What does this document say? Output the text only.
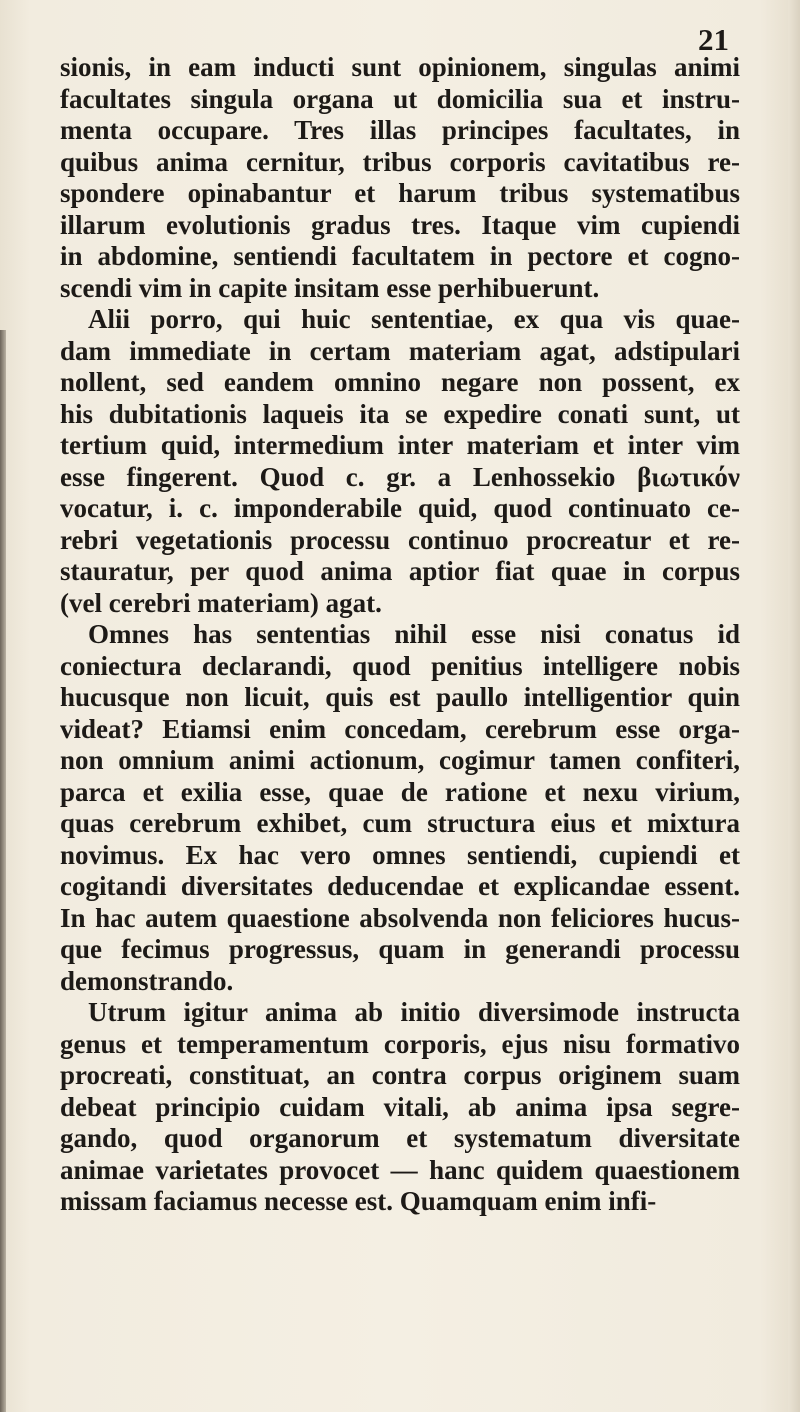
21
sionis, in eam inducti sunt opinionem, singulas animi
facultates singula organa ut domicilia sua et instru-
menta occupare. Tres illas principes facultates, in
quibus anima cernitur, tribus corporis cavitatibus re-
spondere opinabantur et harum tribus systematibus
illarum evolutionis gradus tres. Itaque vim cupiendi
in abdomine, sentiendi facultatem in pectore et cogno-
scendi vim in capite insitam esse perhibuerunt.
Alii porro, qui huic sententiae, ex qua vis quae-
dam immediate in certam materiam agat, adstipulari
nollent, sed eandem omnino negare non possent, ex
his dubitationis laqueis ita se expedire conati sunt, ut
tertium quid, intermedium inter materiam et inter vim
esse fingerent. Quod c. gr. a Lenhossekio βιωτικόν
vocatur, i. c. imponderabile quid, quod continuato ce-
rebri vegetationis processu continuo procreatur et re-
stauratur, per quod anima aptior fiat quae in corpus
(vel cerebri materiam) agat.
Omnes has sententias nihil esse nisi conatus id
coniectura declarandi, quod penitius intelligere nobis
hucusque non licuit, quis est paullo intelligentior quin
videat? Etiamsi enim concedam, cerebrum esse orga-
non omnium animi actionum, cogimur tamen confiteri,
parca et exilia esse, quae de ratione et nexu virium,
quas cerebrum exhibet, cum structura eius et mixtura
novimus. Ex hac vero omnes sentiendi, cupiendi et
cogitandi diversitates deducendae et explicandae essent.
In hac autem quaestione absolvenda non feliciores hucus-
que fecimus progressus, quam in generandi processu
demonstrando.
Utrum igitur anima ab initio diversimode instructa
genus et temperamentum corporis, ejus nisu formativo
procreati, constituat, an contra corpus originem suam
debeat principio cuidam vitali, ab anima ipsa segre-
gando, quod organorum et systematum diversitate
animae varietates provocet — hanc quidem quaestionem
missam faciamus necesse est. Quamquam enim infi-
